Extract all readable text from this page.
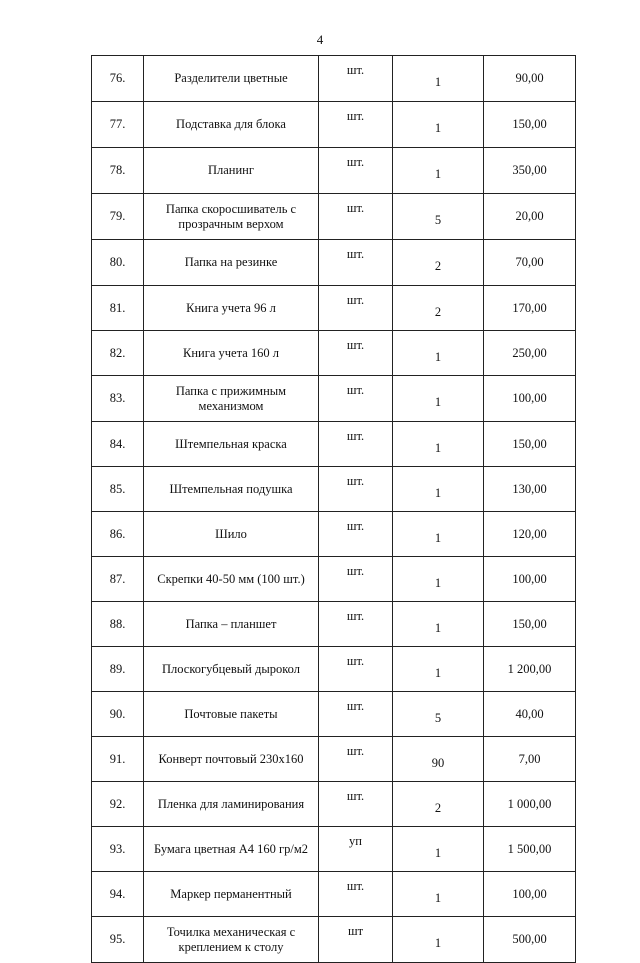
4
76.	Разделители цветные	шт.	1	90,00
77.	Подставка для блока	шт.	1	150,00
78.	Планинг	шт.	1	350,00
79.	Папка скоросшиватель с прозрачным верхом	шт.	5	20,00
80.	Папка на резинке	шт.	2	70,00
81.	Книга учета 96 л	шт.	2	170,00
82.	Книга учета 160 л	шт.	1	250,00
83.	Папка с прижимным механизмом	шт.	1	100,00
84.	Штемпельная краска	шт.	1	150,00
85.	Штемпельная подушка	шт.	1	130,00
86.	Шило	шт.	1	120,00
87.	Скрепки 40-50 мм (100 шт.)	шт.	1	100,00
88.	Папка – планшет	шт.	1	150,00
89.	Плоскогубцевый дырокол	шт.	1	1 200,00
90.	Почтовые пакеты	шт.	5	40,00
91.	Конверт почтовый 230х160	шт.	90	7,00
92.	Пленка для ламинирования	шт.	2	1 000,00
93.	Бумага цветная А4 160 гр/м2	уп	1	1 500,00
94.	Маркер перманентный	шт.	1	100,00
95.	Точилка механическая с креплением к столу	шт	1	500,00
